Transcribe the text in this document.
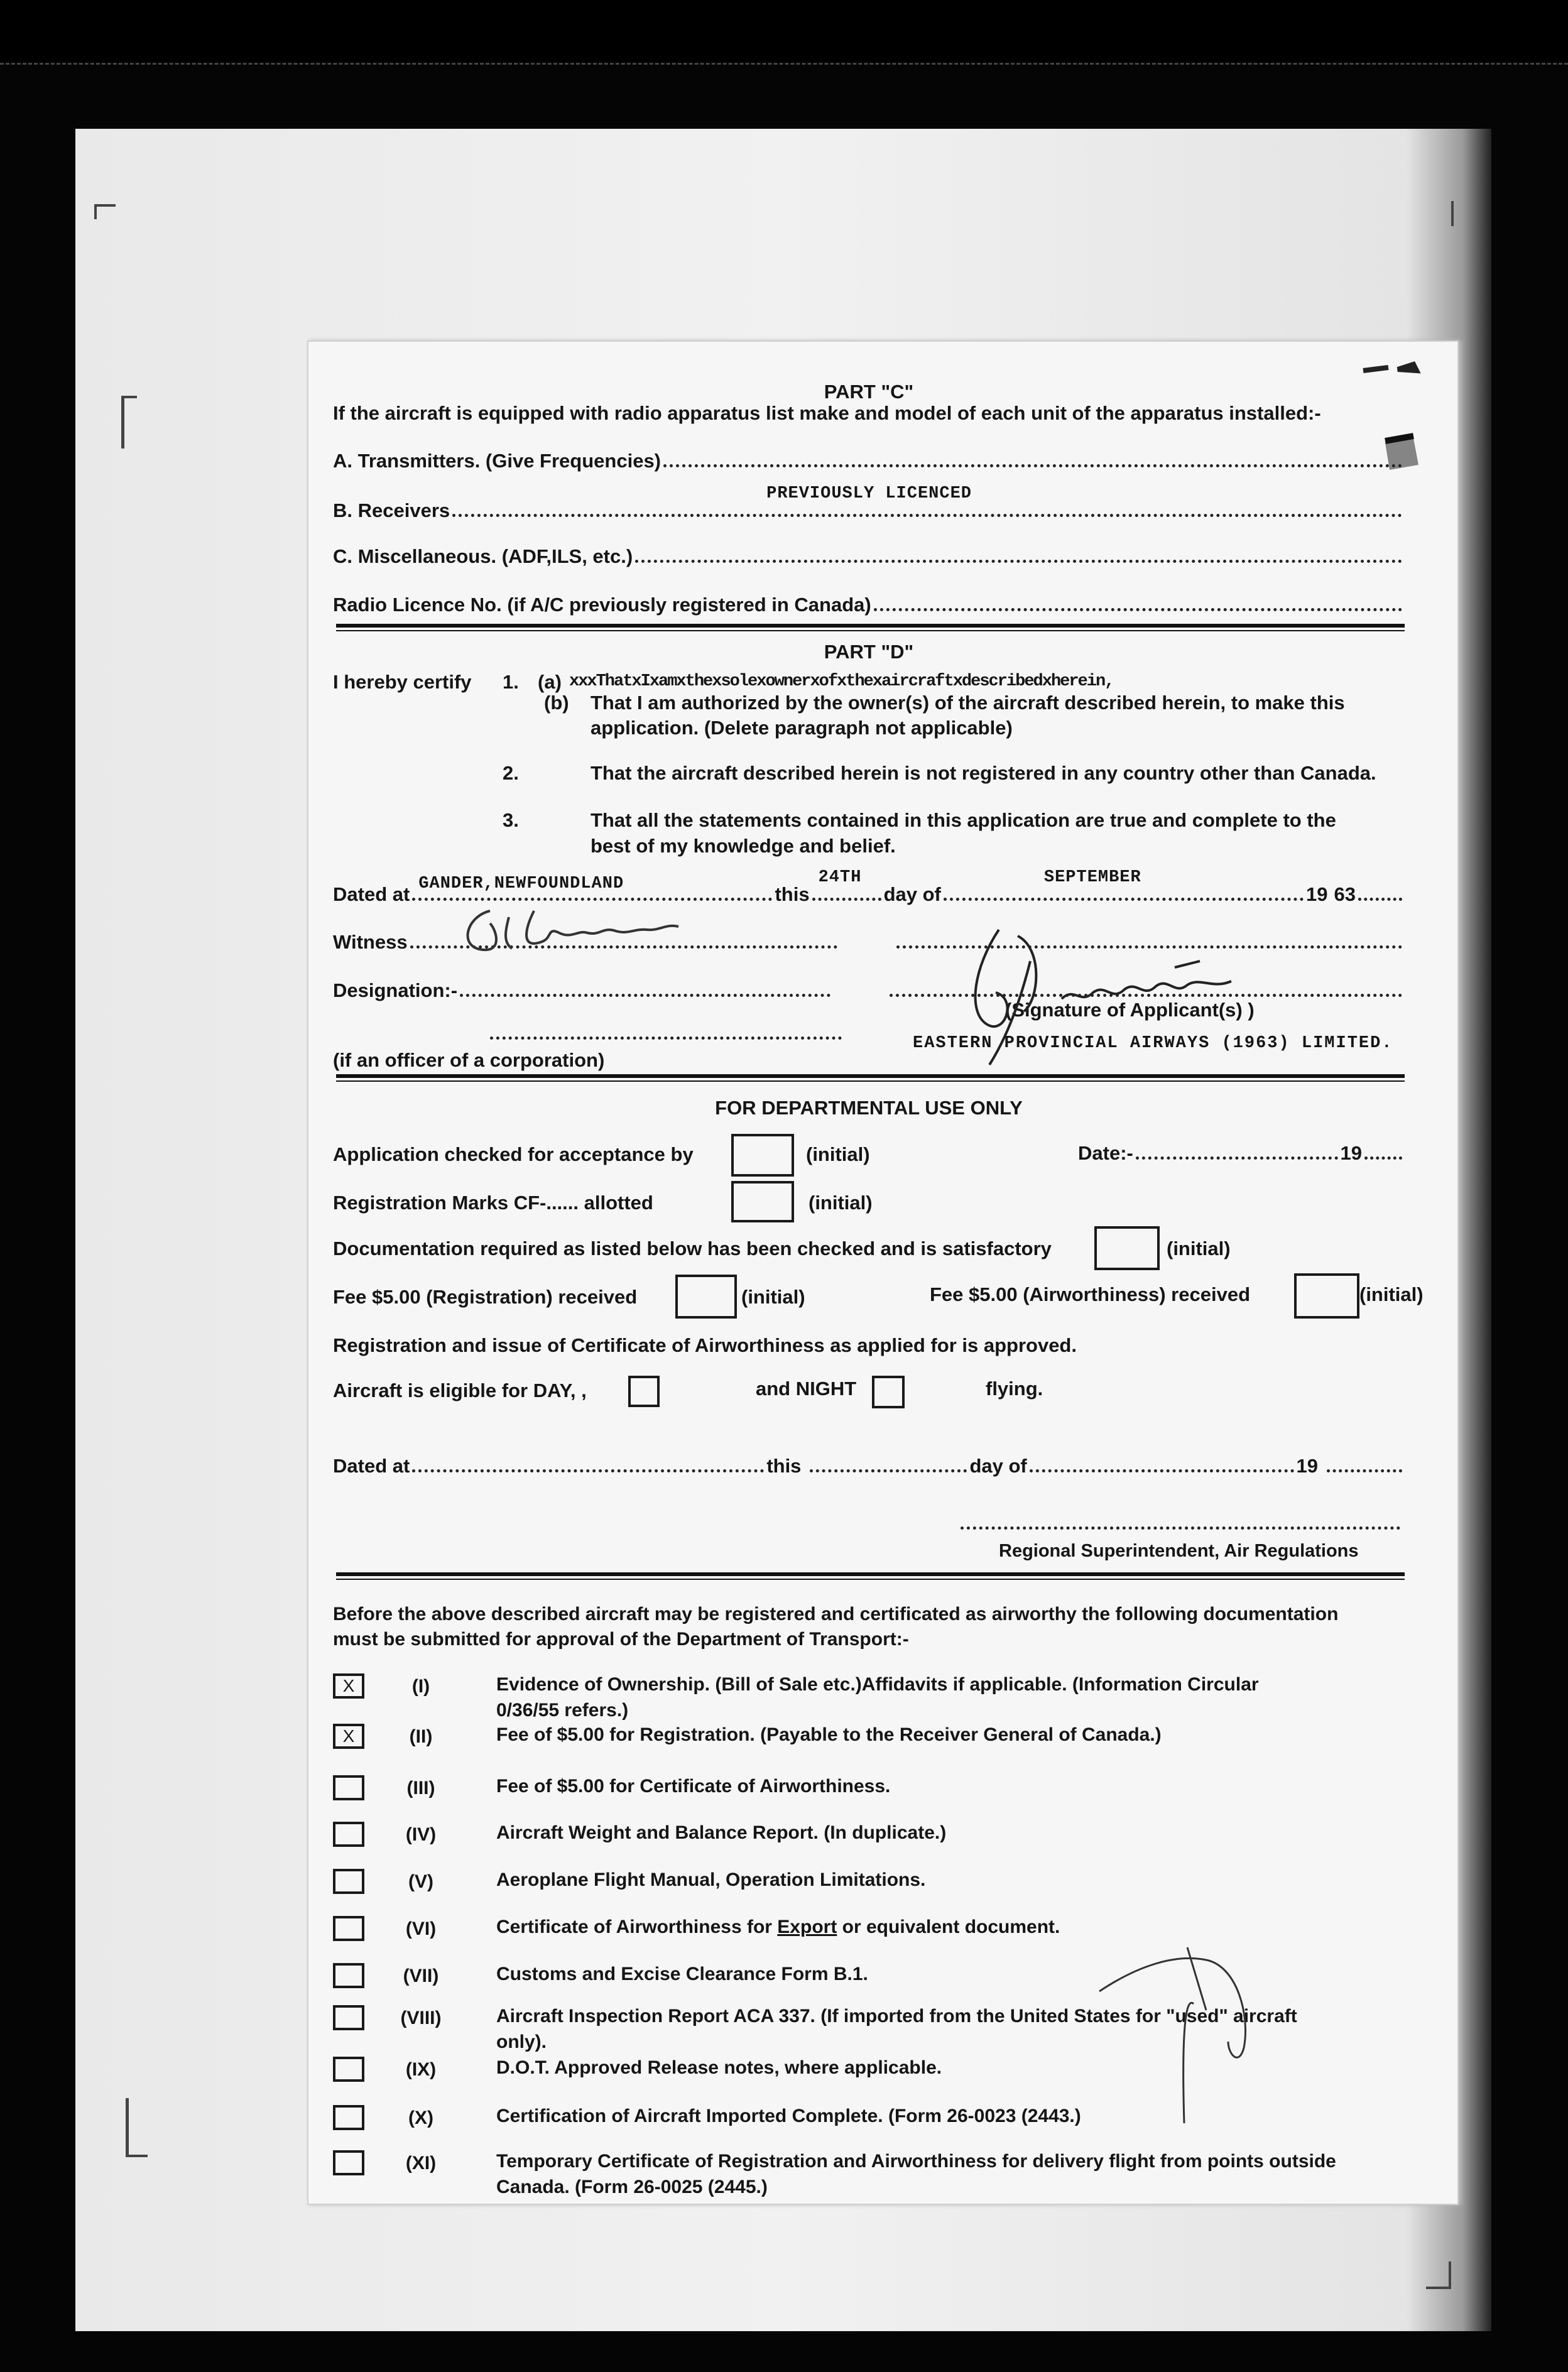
PART "C"
If the aircraft is equipped with radio apparatus list make and model of each unit of the apparatus installed:-
A. Transmitters. (Give Frequencies)
B. Receivers
PREVIOUSLY LICENCED
C. Miscellaneous. (ADF,ILS, etc.)
Radio Licence No. (if A/C previously registered in Canada)
PART "D"
I hereby certify 1. (a) xxxThatxIxamxthexsolexownerxofxthexaircraftxdescribedxherein,
(b) That I am authorized by the owner(s) of the aircraft described herein, to make this
application. (Delete paragraph not applicable)
2.	That the aircraft described herein is not registered in any country other than Canada.
3.	That all the statements contained in this application are true and complete to the
best of my knowledge and belief.
Dated at GANDER,NEWFOUNDLAND	this
24TH
day of
SEPTEMBER
19 63
Witness
Designation:-
(Signature of Applicant(s) )
EASTERN PROVINCIAL AIRWAYS (1963) LIMITED.
(if an officer of a corporation)
FOR DEPARTMENTAL USE ONLY
Application checked for acceptance by	(initial)	Date:-	19
Registration Marks CF-...... allotted	(initial)
Documentation required as listed below has been checked and is satisfactory	(initial)
Fee $5.00 (Registration) received	(initial)	Fee $5.00 (Airworthiness) received	(initial)
Registration and issue of Certificate of Airworthiness as applied for is approved.
Aircraft is eligible for DAY, ,	and NIGHT	flying.
Dated at	this	day of	19
Regional Superintendent, Air Regulations
Before the above described aircraft may be registered and certificated as airworthy the following documentation
must be submitted for approval of the Department of Transport:-
X	(I)	Evidence of Ownership. (Bill of Sale etc.)Affidavits if applicable. (Information Circular
0/36/55 refers.)
X	(II)	Fee of $5.00 for Registration. (Payable to the Receiver General of Canada.)
(III)	Fee of $5.00 for Certificate of Airworthiness.
(IV)	Aircraft Weight and Balance Report. (In duplicate.)
(V)	Aeroplane Flight Manual, Operation Limitations.
(VI)	Certificate of Airworthiness for Export or equivalent document.
(VII)	Customs and Excise Clearance Form B.1.
(VIII)	Aircraft Inspection Report ACA 337. (If imported from the United States for "used" aircraft
only).
(IX)	D.O.T. Approved Release notes, where applicable.
(X)	Certification of Aircraft Imported Complete. (Form 26-0023 (2443.)
(XI)	Temporary Certificate of Registration and Airworthiness for delivery flight from points outside
Canada. (Form 26-0025 (2445.)
